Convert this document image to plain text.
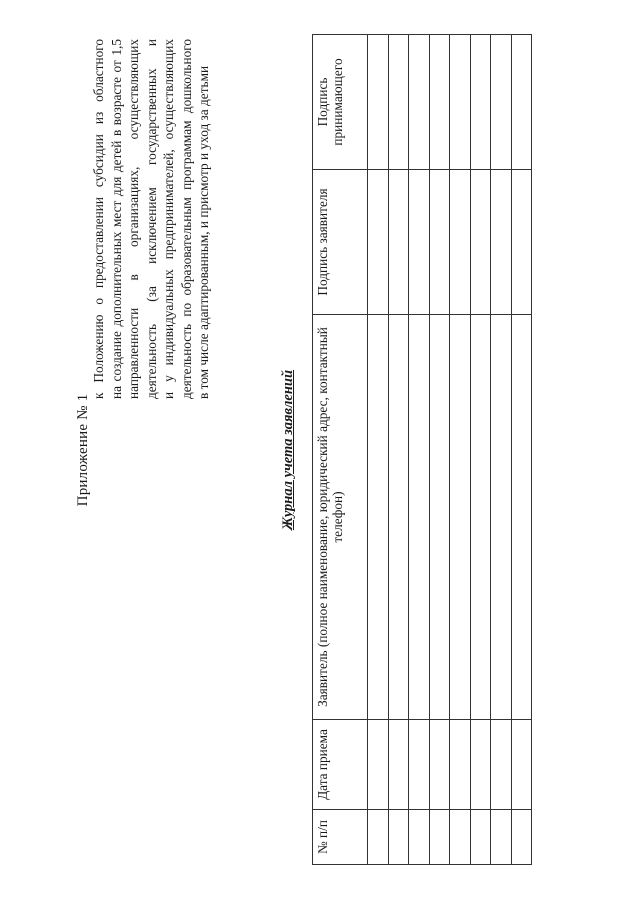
Приложение № 1 к Положению о предоставлении субсидии из областного
на создание дополнительных мест для детей в возрасте от 1,5
направленности в организациях, осуществляющих
деятельность (за исключением государственных и
и у индивидуальных предпринимателей, осуществляющих
деятельность по образовательным программам дошкольного в том числе адаптированным, и присмотр и уход за детьми
Журнал учета заявлений
№ п/п	Дата приема	Заявитель (полное наименование, юридический адрес, контактный телефон)	Подпись заявителя	Подпись принимающего
